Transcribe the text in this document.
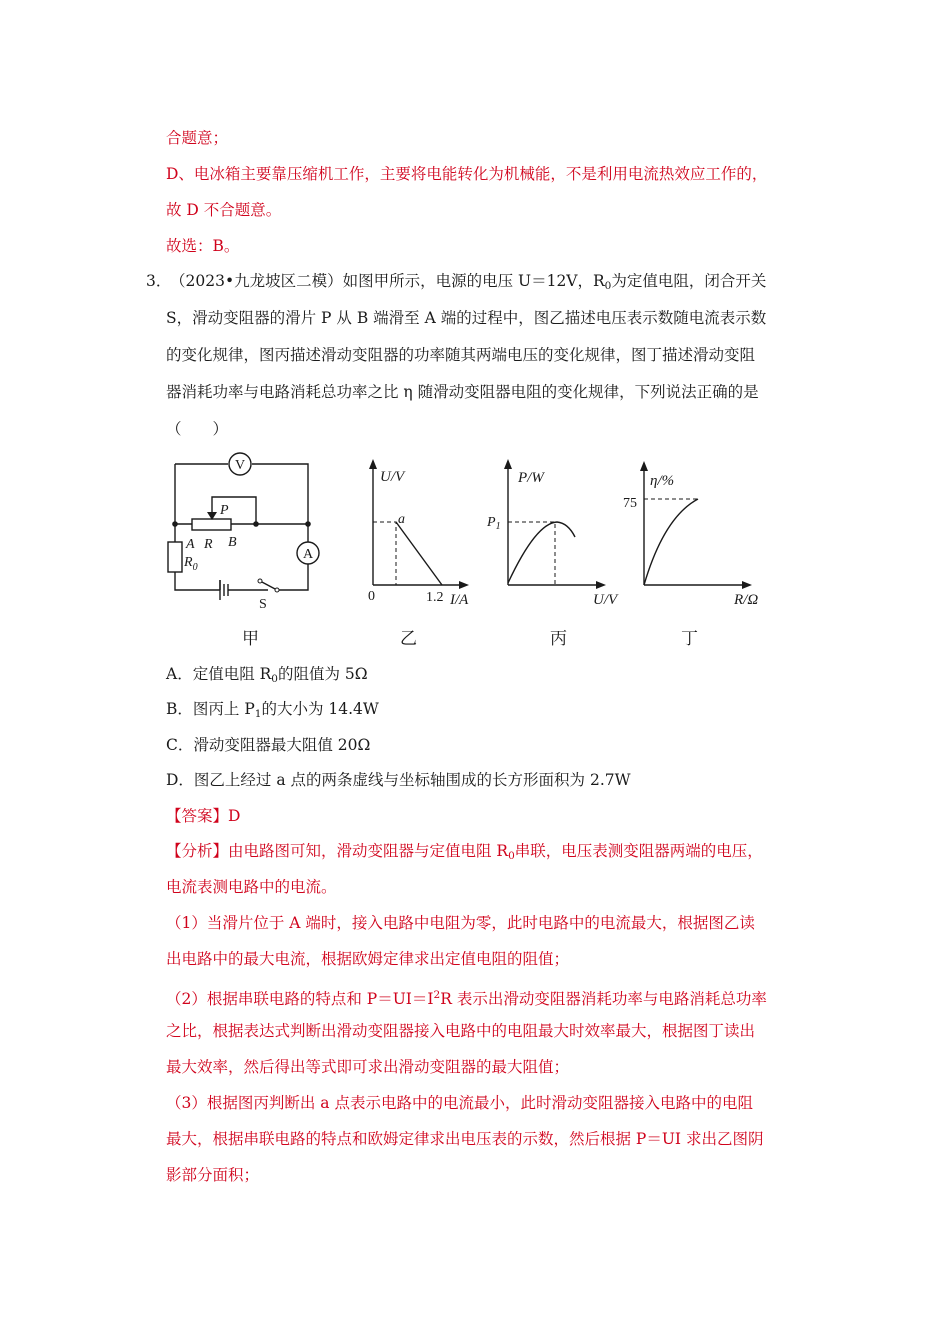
合题意；
D、电冰箱主要靠压缩机工作，主要将电能转化为机械能，不是利用电流热效应工作的，
故 D 不合题意。
故选：B。
3．
（2023•九龙坡区二模）如图甲所示，电源的电压 U＝12V，$R_0$为定值电阻，闭合开关
S，滑动变阻器的滑片 P 从 B 端滑至 A 端的过程中，图乙描述电压表示数随电流表示数
的变化规律，图丙描述滑动变阻器的功率随其两端电压的变化规律，图丁描述滑动变阻
器消耗功率与电路消耗总功率之比 η 随滑动变阻器电阻的变化规律，下列说法正确的是
（　　）
V
A
P
A R B
$R_0$
S
U/V
I/A
0
a
1.2
P/W
U/V
$P_1$
η/%
R/Ω
75
甲	乙	丙	丁
A．定值电阻 $R_0$的阻值为 5Ω
B．图丙上 $P_1$的大小为 14.4W
C．滑动变阻器最大阻值 20Ω
D．图乙上经过 a 点的两条虚线与坐标轴围成的长方形面积为 2.7W
【答案】D
【分析】由电路图可知，滑动变阻器与定值电阻 $R_0$串联，电压表测变阻器两端的电压，
电流表测电路中的电流。
（1）当滑片位于 A 端时，接入电路中电阻为零，此时电路中的电流最大，根据图乙读
出电路中的最大电流，根据欧姆定律求出定值电阻的阻值；
（2）根据串联电路的特点和 $P=UI=I^2R$ 表示出滑动变阻器消耗功率与电路消耗总功率
之比，根据表达式判断出滑动变阻器接入电路中的电阻最大时效率最大，根据图丁读出
最大效率，然后得出等式即可求出滑动变阻器的最大阻值；
（3）根据图丙判断出 a 点表示电路中的电流最小，此时滑动变阻器接入电路中的电阻
最大，根据串联电路的特点和欧姆定律求出电压表的示数，然后根据 P＝UI 求出乙图阴
影部分面积；
